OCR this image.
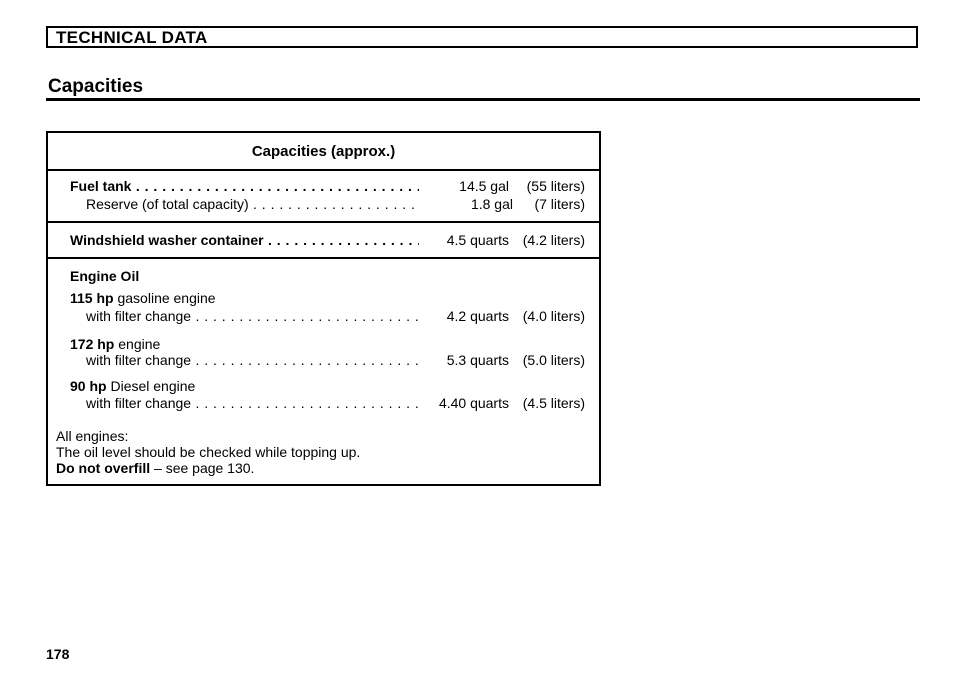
TECHNICAL DATA
Capacities
Capacities (approx.)
Fuel tank . . .	14.5 gal (55 liters)
Reserve (of total capacity) . . .	1.8 gal (7 liters)
Windshield washer container . . .	4.5 quarts (4.2 liters)
Engine Oil
115 hp gasoline engine
with filter change . . .	4.2 quarts (4.0 liters)
172 hp engine
with filter change . . .	5.3 quarts (5.0 liters)
90 hp Diesel engine
with filter change . . .	4.40 quarts (4.5 liters)
All engines:
The oil level should be checked while topping up.
Do not overfill – see page 130.
178
